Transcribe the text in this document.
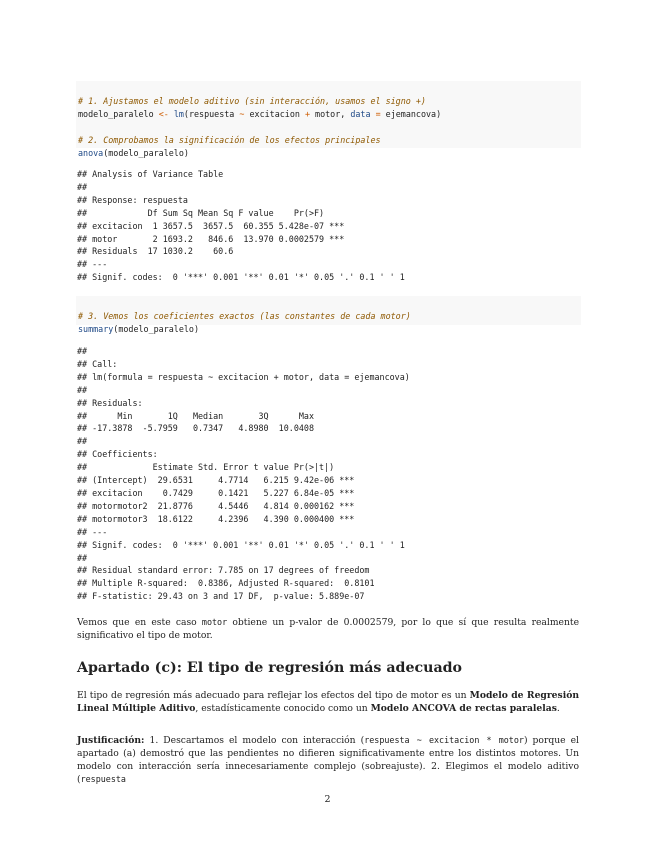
# 1. Ajustamos el modelo aditivo (sin interacción, usamos el signo +)
modelo_paralelo <- lm(respuesta ~ excitacion + motor, data = ejemancova)

# 2. Comprobamos la significación de los efectos principales
anova(modelo_paralelo)
## Analysis of Variance Table
##
## Response: respuesta
##            Df Sum Sq Mean Sq F value    Pr(>F)
## excitacion  1 3657.5  3657.5  60.355 5.428e-07 ***
## motor       2 1693.2   846.6  13.970 0.0002579 ***
## Residuals  17 1030.2    60.6
## ---
## Signif. codes:  0 '***' 0.001 '**' 0.01 '*' 0.05 '.' 0.1 ' ' 1

# 3. Vemos los coeficientes exactos (las constantes de cada motor)
summary(modelo_paralelo)
##
## Call:
## lm(formula = respuesta ~ excitacion + motor, data = ejemancova)
##
## Residuals:
##      Min       1Q   Median       3Q      Max
## -17.3878  -5.7959   0.7347   4.8980  10.0408
##
## Coefficients:
##             Estimate Std. Error t value Pr(>|t|)
## (Intercept)  29.6531     4.7714   6.215 9.42e-06 ***
## excitacion    0.7429     0.1421   5.227 6.84e-05 ***
## motormotor2  21.8776     4.5446   4.814 0.000162 ***
## motormotor3  18.6122     4.2396   4.390 0.000400 ***
## ---
## Signif. codes:  0 '***' 0.001 '**' 0.01 '*' 0.05 '.' 0.1 ' ' 1
##
## Residual standard error: 7.785 on 17 degrees of freedom
## Multiple R-squared:  0.8386, Adjusted R-squared:  0.8101
## F-statistic: 29.43 on 3 and 17 DF,  p-value: 5.889e-07

Vemos que en este caso motor obtiene un p-valor de 0.0002579, por lo que sí que resulta realmente significativo el tipo de motor.

Apartado (c): El tipo de regresión más adecuado

El tipo de regresión más adecuado para reflejar los efectos del tipo de motor es un Modelo de Regresión Lineal Múltiple Aditivo, estadísticamente conocido como un Modelo ANCOVA de rectas paralelas.

Justificación: 1. Descartamos el modelo con interacción (respuesta ~ excitacion * motor) porque el apartado (a) demostró que las pendientes no difieren significativamente entre los distintos motores. Un modelo con interacción sería innecesariamente complejo (sobreajuste). 2. Elegimos el modelo aditivo (respuesta

2
